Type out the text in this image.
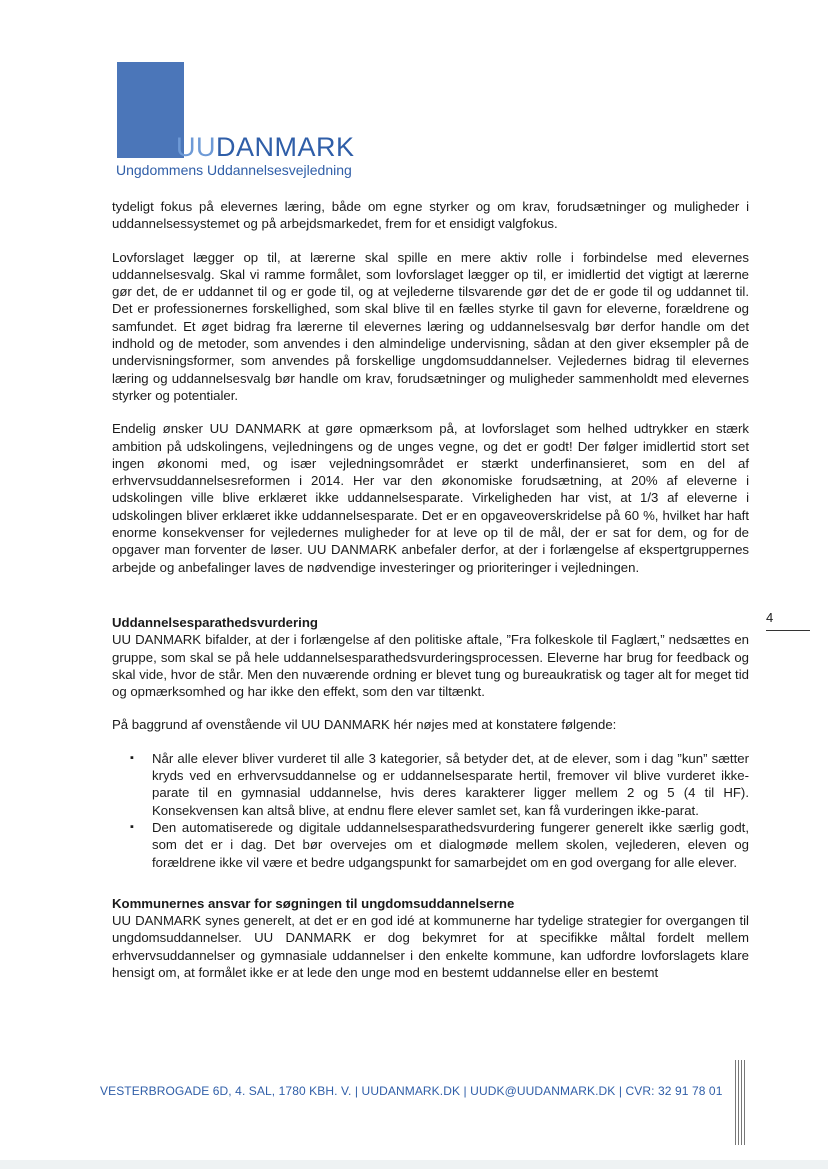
UUDANMARK
Ungdommens Uddannelsesvejledning

tydeligt fokus på elevernes læring, både om egne styrker og om krav, forudsætninger og muligheder i uddannelsessystemet og på arbejdsmarkedet, frem for et ensidigt valgfokus.

Lovforslaget lægger op til, at lærerne skal spille en mere aktiv rolle i forbindelse med elevernes uddannelsesvalg. Skal vi ramme formålet, som lovforslaget lægger op til, er imidlertid det vigtigt at lærerne gør det, de er uddannet til og er gode til, og at vejlederne tilsvarende gør det de er gode til og uddannet til. Det er professionernes forskellighed, som skal blive til en fælles styrke til gavn for eleverne, forældrene og samfundet. Et øget bidrag fra lærerne til elevernes læring og uddannelsesvalg bør derfor handle om det indhold og de metoder, som anvendes i den almindelige undervisning, sådan at den giver eksempler på de undervisningsformer, som anvendes på forskellige ungdomsuddannelser. Vejledernes bidrag til elevernes læring og uddannelsesvalg bør handle om krav, forudsætninger og muligheder sammenholdt med elevernes styrker og potentialer.

Endelig ønsker UU DANMARK at gøre opmærksom på, at lovforslaget som helhed udtrykker en stærk ambition på udskolingens, vejledningens og de unges vegne, og det er godt! Der følger imidlertid stort set ingen økonomi med, og især vejledningsområdet er stærkt underfinansieret, som en del af erhvervsuddannelsesreformen i 2014. Her var den økonomiske forudsætning, at 20% af eleverne i udskolingen ville blive erklæret ikke uddannelsesparate. Virkeligheden har vist, at 1/3 af eleverne i udskolingen bliver erklæret ikke uddannelsesparate. Det er en opgaveoverskridelse på 60 %, hvilket har haft enorme konsekvenser for vejledernes muligheder for at leve op til de mål, der er sat for dem, og for de opgaver man forventer de løser. UU DANMARK anbefaler derfor, at der i forlængelse af ekspertgruppernes arbejde og anbefalinger laves de nødvendige investeringer og prioriteringer i vejledningen.

Uddannelsesparathedsvurdering

UU DANMARK bifalder, at der i forlængelse af den politiske aftale, ”Fra folkeskole til Faglært,” nedsættes en gruppe, som skal se på hele uddannelsesparathedsvurderingsprocessen. Eleverne har brug for feedback og skal vide, hvor de står. Men den nuværende ordning er blevet tung og bureaukratisk og tager alt for meget tid og opmærksomhed og har ikke den effekt, som den var tiltænkt.

På baggrund af ovenstående vil UU DANMARK hér nøjes med at konstatere følgende:

▪ Når alle elever bliver vurderet til alle 3 kategorier, så betyder det, at de elever, som i dag ”kun” sætter kryds ved en erhvervsuddannelse og er uddannelsesparate hertil, fremover vil blive vurderet ikke-parate til en gymnasial uddannelse, hvis deres karakterer ligger mellem 2 og 5 (4 til HF). Konsekvensen kan altså blive, at endnu flere elever samlet set, kan få vurderingen ikke-parat.
▪ Den automatiserede og digitale uddannelsesparathedsvurdering fungerer generelt ikke særlig godt, som det er i dag. Det bør overvejes om et dialogmøde mellem skolen, vejlederen, eleven og forældrene ikke vil være et bedre udgangspunkt for samarbejdet om en god overgang for alle elever.
Kommunernes ansvar for søgningen til ungdomsuddannelserne

UU DANMARK synes generelt, at det er en god idé at kommunerne har tydelige strategier for overgangen til ungdomsuddannelser. UU DANMARK er dog bekymret for at specifikke måltal fordelt mellem erhvervsuddannelser og gymnasiale uddannelser i den enkelte kommune, kan udfordre lovforslagets klare hensigt om, at formålet ikke er at lede den unge mod en bestemt uddannelse eller en bestemt

4
VESTERBROGADE 6D, 4. SAL, 1780 KBH. V. | UUDANMARK.DK | UUDK@UUDANMARK.DK | CVR: 32 91 78 01
